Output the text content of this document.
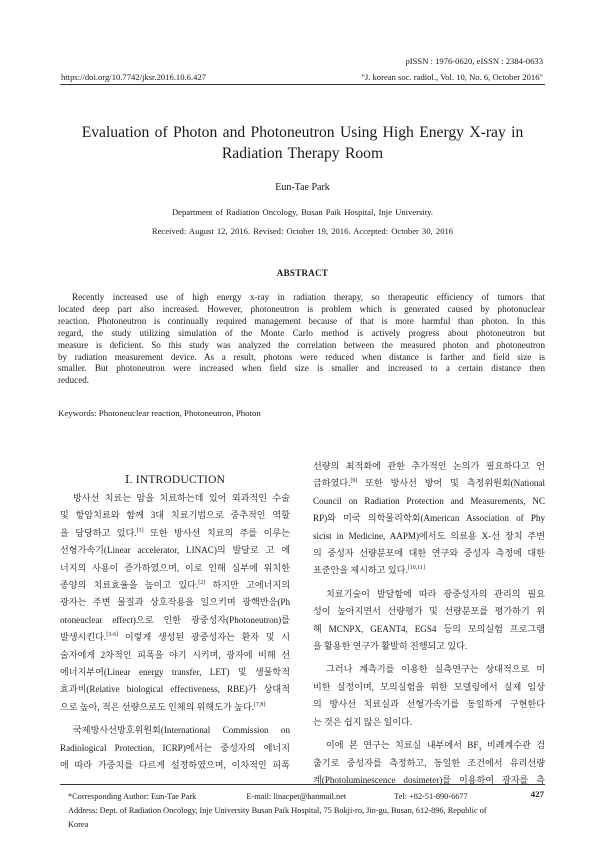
pISSN : 1976-0620, eISSN : 2384-0633
https://doi.org/10.7742/jksr.2016.10.6.427	"J. korean soc. radiol., Vol. 10, No. 6, October 2016"
Evaluation of Photon and Photoneutron Using High Energy X-ray in
Radiation Therapy Room
Eun-Tae Park
Department of Radiation Oncology, Busan Paik Hospital, Inje University.
Received: August 12, 2016. Revised: October 19, 2016. Accepted: October 30, 2016
ABSTRACT
Recently increased use of high energy x-ray in radiation therapy, so therapeutic efficiency of tumors that
located deep part also increased. However, photoneutron is problem which is generated caused by photonuclear
reaction. Photoneutron is continually required management because of that is more harmful than photon. In this
regard, the study utilizing simulation of the Monte Carlo method is actively progress about photoneutron but
measure is deficient. So this study was analyzed the correlation between the measured photon and photoneutron
by radiation measurement device. As a result, photons were reduced when distance is farther and field size is
smaller. But photoneutron were increased when field size is smaller and increased to a certain distance then
reduced.
Keywords: Photoneuclear reaction, Photoneutron, Photon
Ⅰ. INTRODUCTION
방사선 치료는 암을 치료하는데 있어 외과적인 수술
및 항암치료와 함께 3대 치료기법으로 중추적인 역할
을 담당하고 있다.[1] 또한 방사선 치료의 주를 이루는
선형가속기(Linear accelerator, LINAC)의 발달로 고 에
너지의 사용이 증가하였으며, 이로 인해 심부에 위치한
종양의 치료효율을 높이고 있다.[2] 하지만 고에너지의
광자는 주변 물질과 상호작용을 일으키며 광핵반응(Ph
otoneuclear effect)으로 인한 광중성자(Photoneutron)를
발생시킨다.[3-6] 이렇게 생성된 광중성자는 환자 및 시
술자에게 2차적인 피폭을 야기 시키며, 광자에 비해 선
에너지부여(Linear energy transfer, LET) 및 생물학적
효과비(Relative biological effectiveness, RBE)가 상대적
으로 높아, 적은 선량으로도 인체의 위해도가 높다.[7,8]
국제방사선방호위원회(International Commission on
Radiological Protection, ICRP)에서는 중성자의 에너지
에 따라 가중치를 다르게 설정하였으며, 이차적인 피폭
선량의 최적화에 관한 추가적인 논의가 필요하다고 언
급하였다.[9] 또한 방사선 방어 및 측정위원회(National
Council on Radiation Protection and Measurements, NC
RP)와 미국 의학물리학회(American Association of Phy
sicist in Medicine, AAPM)에서도 의료용 X-선 장치 주변
의 중성자 선량분포에 대한 연구와 중성자 측정에 대한
표준안을 제시하고 있다.[10,11]
치료기술이 발달함에 따라 광중성자의 관리의 필요
성이 높아지면서 선량평가 및 선량분포를 평가하기 위
해 MCNPX, GEANT4, EGS4 등의 모의실험 프로그램
을 활용한 연구가 활발히 진행되고 있다.
그러나 계측기를 이용한 실측연구는 상대적으로 미
비한 실정이며, 모의실험을 위한 모델링에서 실제 임상
의 방사선 치료실과 선형가속기를 동일하게 구현한다
는 것은 쉽지 않은 일이다.
이에 본 연구는 치료실 내부에서 $BF_3$ 비례계수관 검
출기로 중성자를 측정하고, 동일한 조건에서 유리선량
계(Photoluminescence dosimeter)를 이용하여 광자를 측
*Corresponding Author: Eun-Tae Park	E-mail: linacpet@hanmail.net	Tel: +82-51-890-6677
Address: Dept. of Radiation Oncology, Inje University Busan Paik Hospital, 75 Bokji-ro, Jin-gu, Busan, 612-896, Republic of
Korea
427
